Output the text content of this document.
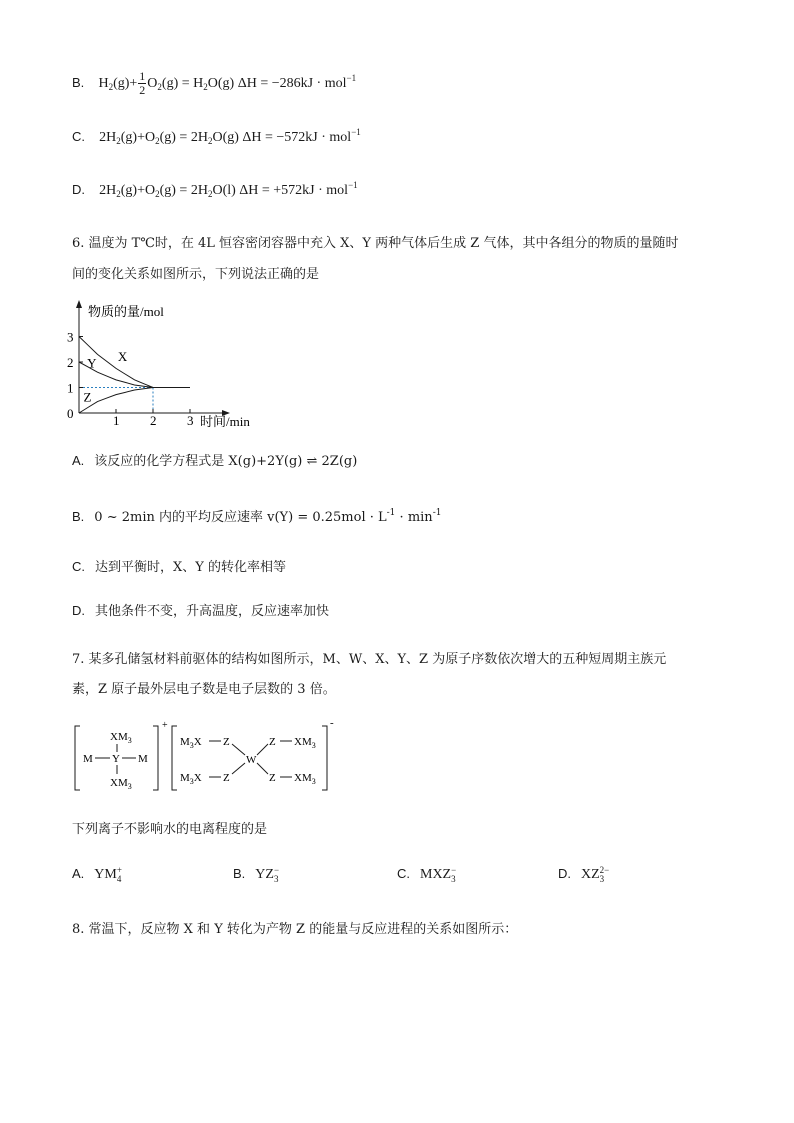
B. $H_2(g)+ \frac{1}{2} O_2(g) = H_2O(g) \Delta H = -286kJ \cdot mol^{-1}$
C. $2H_2(g)+O_2(g) = 2H_2O(g) \Delta H = -572kJ \cdot mol^{-1}$
D. $2H_2(g)+O_2(g) = 2H_2O(l) \Delta H = +572kJ \cdot mol^{-1}$
6. 温度为 T℃时，在 4L 恒容密闭容器中充入 X、Y 两种气体后生成 Z 气体，其中各组分的物质的量随时
间的变化关系如图所示，下列说法正确的是
物质的量/mol
时间/min
1 2 3
0
1
2
3
X
Y
Z
A. 该反应的化学方程式是 X(g)+2Y(g) ⇌ 2Z(g)
B. 0 ~ 2min 内的平均反应速率 $v(Y) = 0.25mol \cdot L^{-1} \cdot \min^{-1}$
C. 达到平衡时，X、Y 的转化率相等
D. 其他条件不变，升高温度，反应速率加快
7. 某多孔储氢材料前驱体的结构如图所示，M、W、X、Y、Z 为原子序数依次增大的五种短周期主族元
素，Z 原子最外层电子数是电子层数的 3 倍。
+
$XM_3$
M Y M
$XM_3$
-
$M_3X$ Z
$M_3X$ Z
W
Z $XM_3$
Z $XM_3$
下列离子不影响水的电离程度的是
A. YM +
4	B. YZ −
3	C. MXZ −
3	D. XZ 2−
3
8. 常温下，反应物 X 和 Y 转化为产物 Z 的能量与反应进程的关系如图所示：
